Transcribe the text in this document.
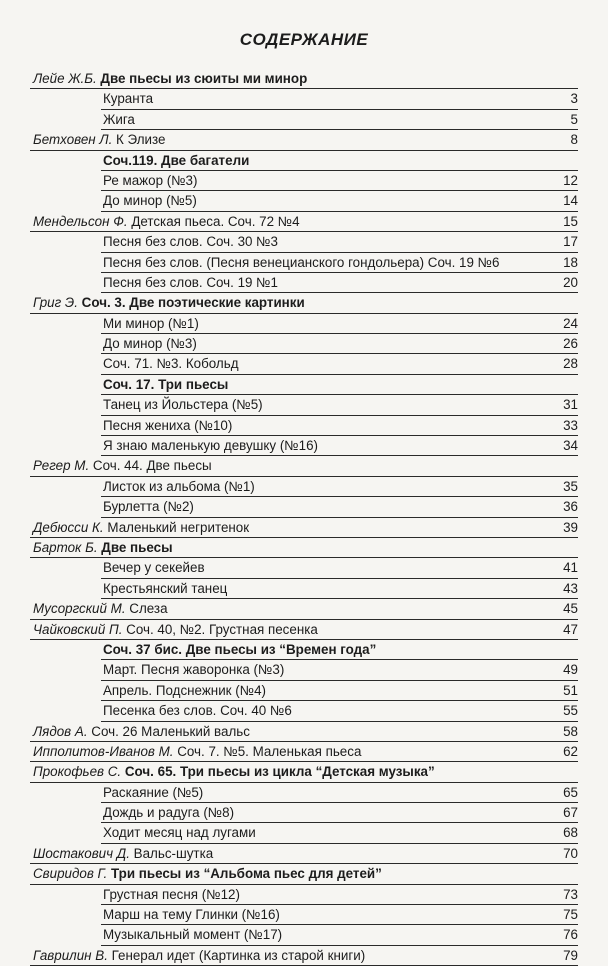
СОДЕРЖАНИЕ
Лейе Ж.Б. Две пьесы из сюиты ми минор
Куранта	3
Жига	5
Бетховен Л. К Элизе	8
Соч.119. Две багатели
Ре мажор (№3)	12
До минор (№5)	14
Мендельсон Ф. Детская пьеса. Соч. 72 №4	15
Песня без слов. Соч. 30 №3	17
Песня без слов. (Песня венецианского гондольера) Соч. 19 №6	18
Песня без слов. Соч. 19 №1	20
Григ Э. Соч. 3. Две поэтические картинки
Ми минор (№1)	24
До минор (№3)	26
Соч. 71. №3. Кобольд	28
Соч. 17. Три пьесы
Танец из Йольстера (№5)	31
Песня жениха (№10)	33
Я знаю маленькую девушку (№16)	34
Регер М. Соч. 44. Две пьесы
Листок из альбома (№1)	35
Бурлетта (№2)	36
Дебюсси К. Маленький негритенок	39
Барток Б. Две пьесы
Вечер у секейев	41
Крестьянский танец	43
Мусоргский М. Слеза	45
Чайковский П. Соч. 40, №2. Грустная песенка	47
Соч. 37 бис. Две пьесы из “Времен года”
Март. Песня жаворонка (№3)	49
Апрель. Подснежник (№4)	51
Песенка без слов. Соч. 40 №6	55
Лядов А. Соч. 26 Маленький вальс	58
Ипполитов-Иванов М. Соч. 7. №5. Маленькая пьеса	62
Прокофьев С. Соч. 65. Три пьесы из цикла “Детская музыка”
Раскаяние (№5)	65
Дождь и радуга (№8)	67
Ходит месяц над лугами	68
Шостакович Д. Вальс-шутка	70
Свиридов Г. Три пьесы из “Альбома пьес для детей”
Грустная песня (№12)	73
Марш на тему Глинки (№16)	75
Музыкальный момент (№17)	76
Гаврилин В. Генерал идет (Картинка из старой книги)	79
